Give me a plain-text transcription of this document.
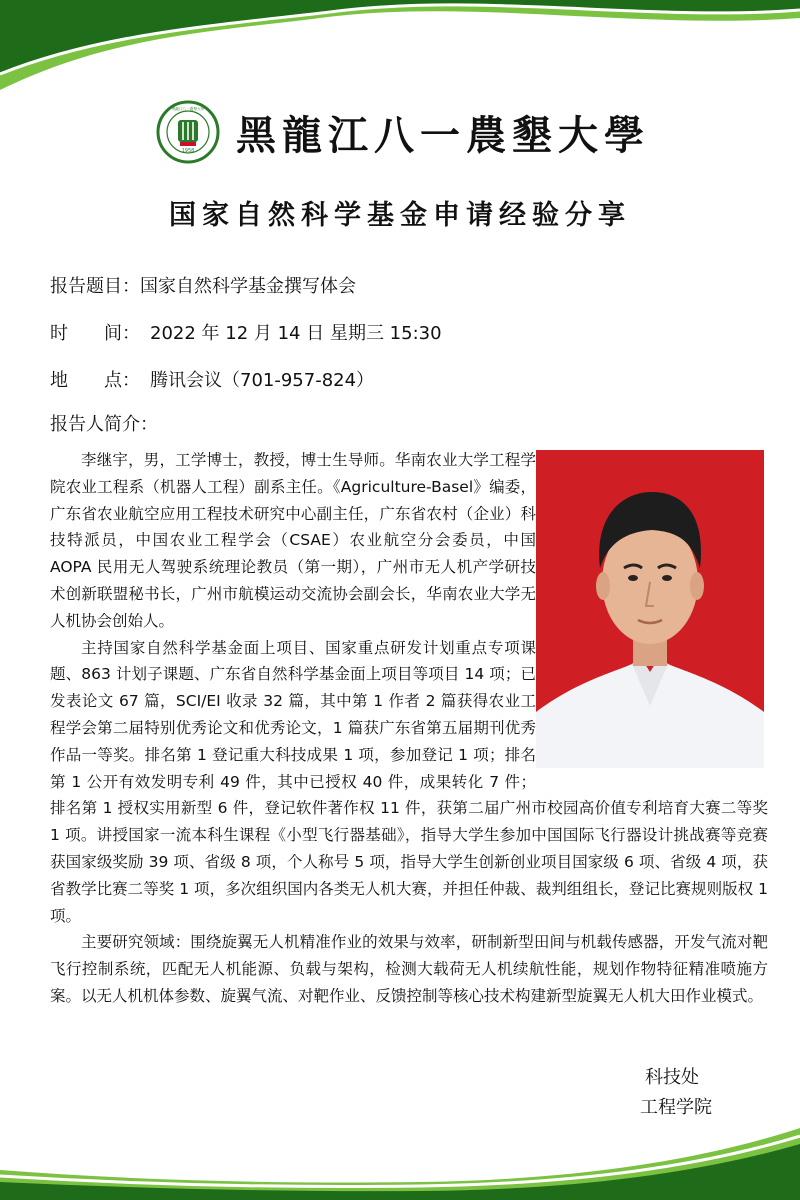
1958
黑龍江八一農墾大學
黑龍江八一農墾大學
国家自然科学基金申请经验分享
报告题目：国家自然科学基金撰写体会
时　　间： 2022 年 12 月 14 日 星期三 15:30
地　　点： 腾讯会议（701-957-824）
报告人简介：

李继宇，男，工学博士，教授，博士生导师。华南农业大学工程学院农业工程系（机器人工程）副系主任。《Agriculture-Basel》编委，广东省农业航空应用工程技术研究中心副主任，广东省农村（企业）科技特派员，中国农业工程学会（CSAE）农业航空分会委员，中国 AOPA 民用无人驾驶系统理论教员（第一期），广州市无人机产学研技术创新联盟秘书长，广州市航模运动交流协会副会长，华南农业大学无人机协会创始人。

主持国家自然科学基金面上项目、国家重点研发计划重点专项课题、863 计划子课题、广东省自然科学基金面上项目等项目 14 项；已发表论文 67 篇，SCI/EI 收录 32 篇，其中第 1 作者 2 篇获得农业工程学会第二届特别优秀论文和优秀论文，1 篇获广东省第五届期刊优秀作品一等奖。排名第 1 登记重大科技成果 1 项，参加登记 1 项；排名第 1 公开有效发明专利 49 件，其中已授权 40 件，成果转化 7 件；排名第 1 授权实用新型 6 件，登记软件著作权 11 件，获第二届广州市校园高价值专利培育大赛二等奖 1 项。讲授国家一流本科生课程《小型飞行器基础》，指导大学生参加中国国际飞行器设计挑战赛等竞赛获国家级奖励 39 项、省级 8 项，个人称号 5 项，指导大学生创新创业项目国家级 6 项、省级 4 项，获省教学比赛二等奖 1 项，多次组织国内各类无人机大赛，并担任仲裁、裁判组组长，登记比赛规则版权 1 项。

主要研究领域：围绕旋翼无人机精准作业的效果与效率，研制新型田间与机载传感器，开发气流对靶飞行控制系统，匹配无人机能源、负载与架构，检测大载荷无人机续航性能，规划作物特征精准喷施方案。以无人机机体参数、旋翼气流、对靶作业、反馈控制等核心技术构建新型旋翼无人机大田作业模式。

科技处
工程学院
